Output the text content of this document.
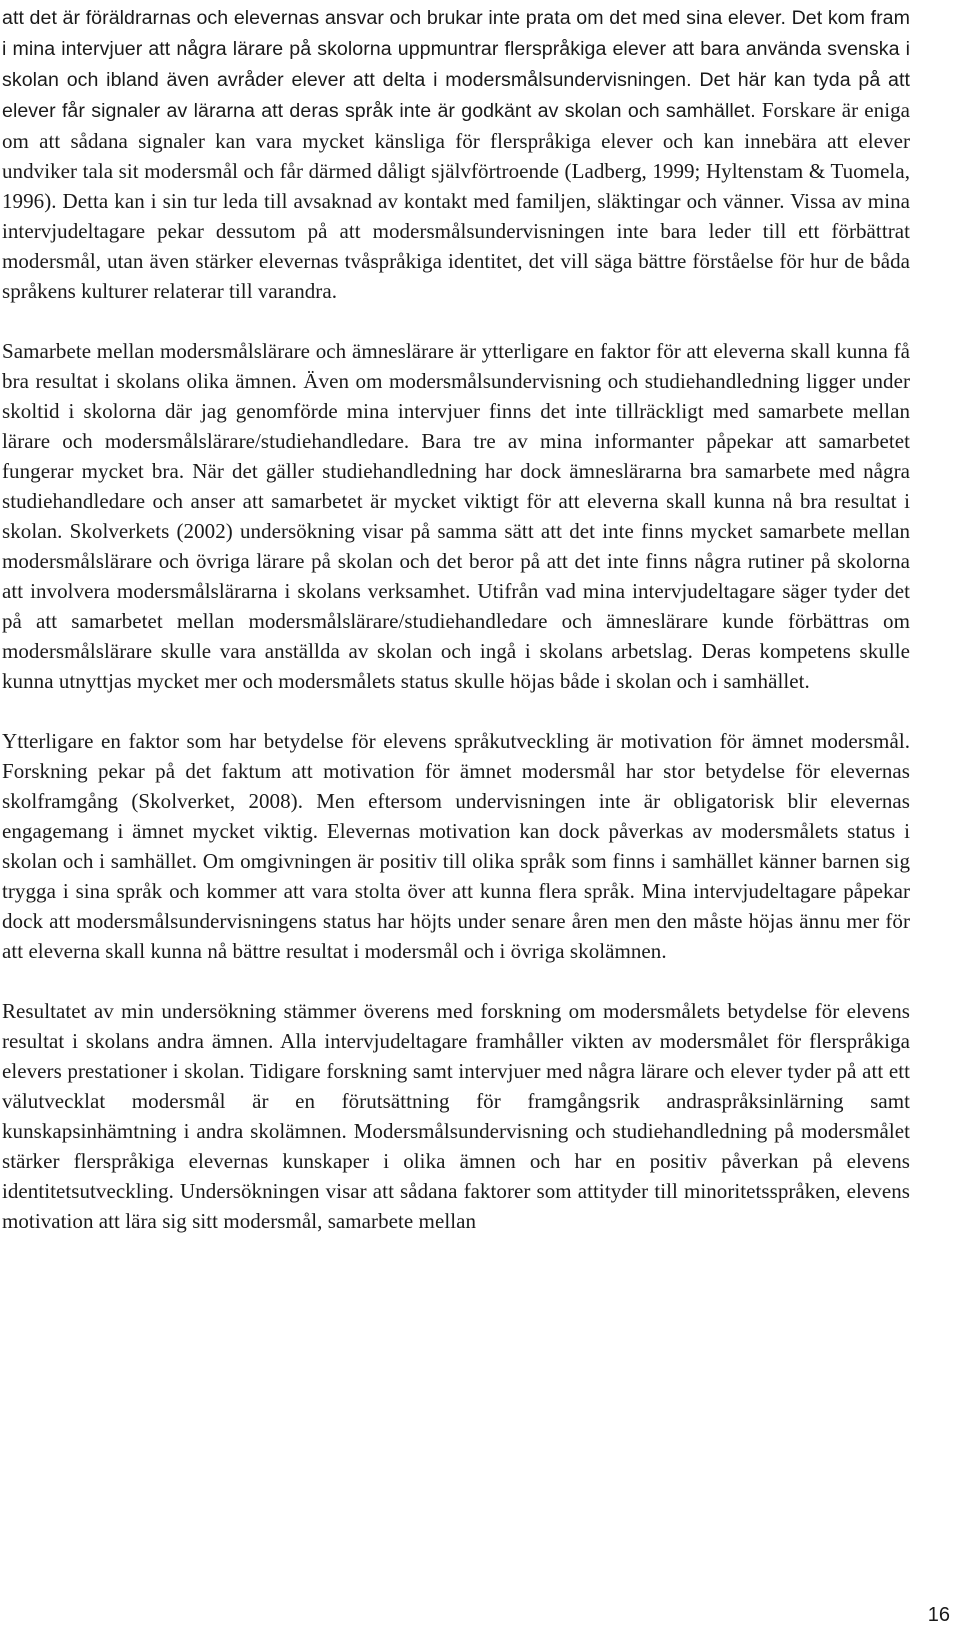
att det är föräldrarnas och elevernas ansvar och brukar inte prata om det med sina elever. Det kom fram i mina intervjuer att några lärare på skolorna uppmuntrar flerspråkiga elever att bara använda svenska i skolan och ibland även avråder elever att delta i modersmålsundervisningen. Det här kan tyda på att elever får signaler av lärarna att deras språk inte är godkänt av skolan och samhället. Forskare är eniga om att sådana signaler kan vara mycket känsliga för flerspråkiga elever och kan innebära att elever undviker tala sit modersmål och får därmed dåligt självförtroende (Ladberg, 1999; Hyltenstam & Tuomela, 1996). Detta kan i sin tur leda till avsaknad av kontakt med familjen, släktingar och vänner. Vissa av mina intervjudeltagare pekar dessutom på att modersmålsundervisningen inte bara leder till ett förbättrat modersmål, utan även stärker elevernas tvåspråkiga identitet, det vill säga bättre förståelse för hur de båda språkens kulturer relaterar till varandra.

Samarbete mellan modersmålslärare och ämneslärare är ytterligare en faktor för att eleverna skall kunna få bra resultat i skolans olika ämnen. Även om modersmålsundervisning och studiehandledning ligger under skoltid i skolorna där jag genomförde mina intervjuer finns det inte tillräckligt med samarbete mellan lärare och modersmålslärare/studiehandledare. Bara tre av mina informanter påpekar att samarbetet fungerar mycket bra. När det gäller studiehandledning har dock ämneslärarna bra samarbete med några studiehandledare och anser att samarbetet är mycket viktigt för att eleverna skall kunna nå bra resultat i skolan. Skolverkets (2002) undersökning visar på samma sätt att det inte finns mycket samarbete mellan modersmålslärare och övriga lärare på skolan och det beror på att det inte finns några rutiner på skolorna att involvera modersmålslärarna i skolans verksamhet. Utifrån vad mina intervjudeltagare säger tyder det på att samarbetet mellan modersmålslärare/studiehandledare och ämneslärare kunde förbättras om modersmålslärare skulle vara anställda av skolan och ingå i skolans arbetslag. Deras kompetens skulle kunna utnyttjas mycket mer och modersmålets status skulle höjas både i skolan och i samhället.

Ytterligare en faktor som har betydelse för elevens språkutveckling är motivation för ämnet modersmål. Forskning pekar på det faktum att motivation för ämnet modersmål har stor betydelse för elevernas skolframgång (Skolverket, 2008). Men eftersom undervisningen inte är obligatorisk blir elevernas engagemang i ämnet mycket viktig. Elevernas motivation kan dock påverkas av modersmålets status i skolan och i samhället. Om omgivningen är positiv till olika språk som finns i samhället känner barnen sig trygga i sina språk och kommer att vara stolta över att kunna flera språk. Mina intervjudeltagare påpekar dock att modersmålsundervisningens status har höjts under senare åren men den måste höjas ännu mer för att eleverna skall kunna nå bättre resultat i modersmål och i övriga skolämnen.

Resultatet av min undersökning stämmer överens med forskning om modersmålets betydelse för elevens resultat i skolans andra ämnen. Alla intervjudeltagare framhåller vikten av modersmålet för flerspråkiga elevers prestationer i skolan. Tidigare forskning samt intervjuer med några lärare och elever tyder på att ett välutvecklat modersmål är en förutsättning för framgångsrik andraspråksinlärning samt kunskapsinhämtning i andra skolämnen. Modersmålsundervisning och studiehandledning på modersmålet stärker flerspråkiga elevernas kunskaper i olika ämnen och har en positiv påverkan på elevens identitetsutveckling. Undersökningen visar att sådana faktorer som attityder till minoritetsspråken, elevens motivation att lära sig sitt modersmål, samarbete mellan

16
